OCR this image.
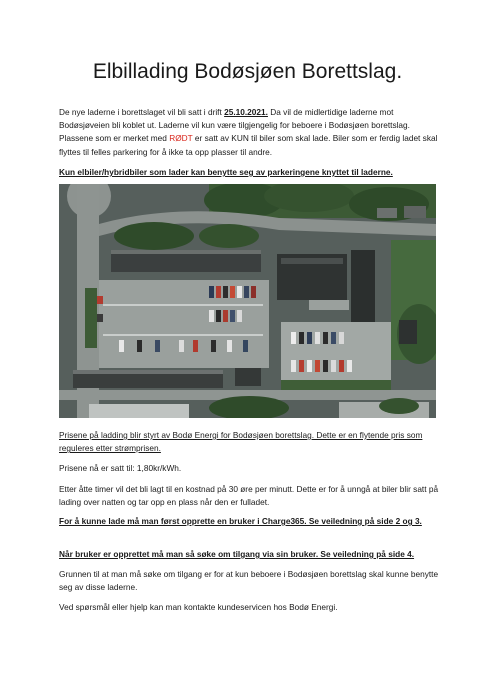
Elbillading Bodøsjøen Borettslag.

De nye laderne i borettslaget vil bli satt i drift 25.10.2021. Da vil de midlertidige laderne mot Bodøsjøveien bli koblet ut. Laderne vil kun være tilgjengelig for beboere i Bodøsjøen borettslag. Plassene som er merket med RØDT er satt av KUN til biler som skal lade. Biler som er ferdig ladet skal flyttes til felles parkering for å ikke ta opp plasser til andre.

Kun elbiler/hybridbiler som lader kan benytte seg av parkeringene knyttet til laderne.

Prisene på ladding blir styrt av Bodø Energi for Bodøsjøen borettslag. Dette er en flytende pris som reguleres etter strømprisen.

Prisene nå er satt til: 1,80kr/kWh.

Etter åtte timer vil det bli lagt til en kostnad på 30 øre per minutt. Dette er for å unngå at biler blir satt på lading over natten og tar opp en plass når den er fulladet.

For å kunne lade må man først opprette en bruker i Charge365. Se veiledning på side 2 og 3.

Når bruker er opprettet må man så søke om tilgang via sin bruker. Se veiledning på side 4.

Grunnen til at man må søke om tilgang er for at kun beboere i Bodøsjøen borettslag skal kunne benytte seg av disse laderne.

Ved spørsmål eller hjelp kan man kontakte kundeservicen hos Bodø Energi.
